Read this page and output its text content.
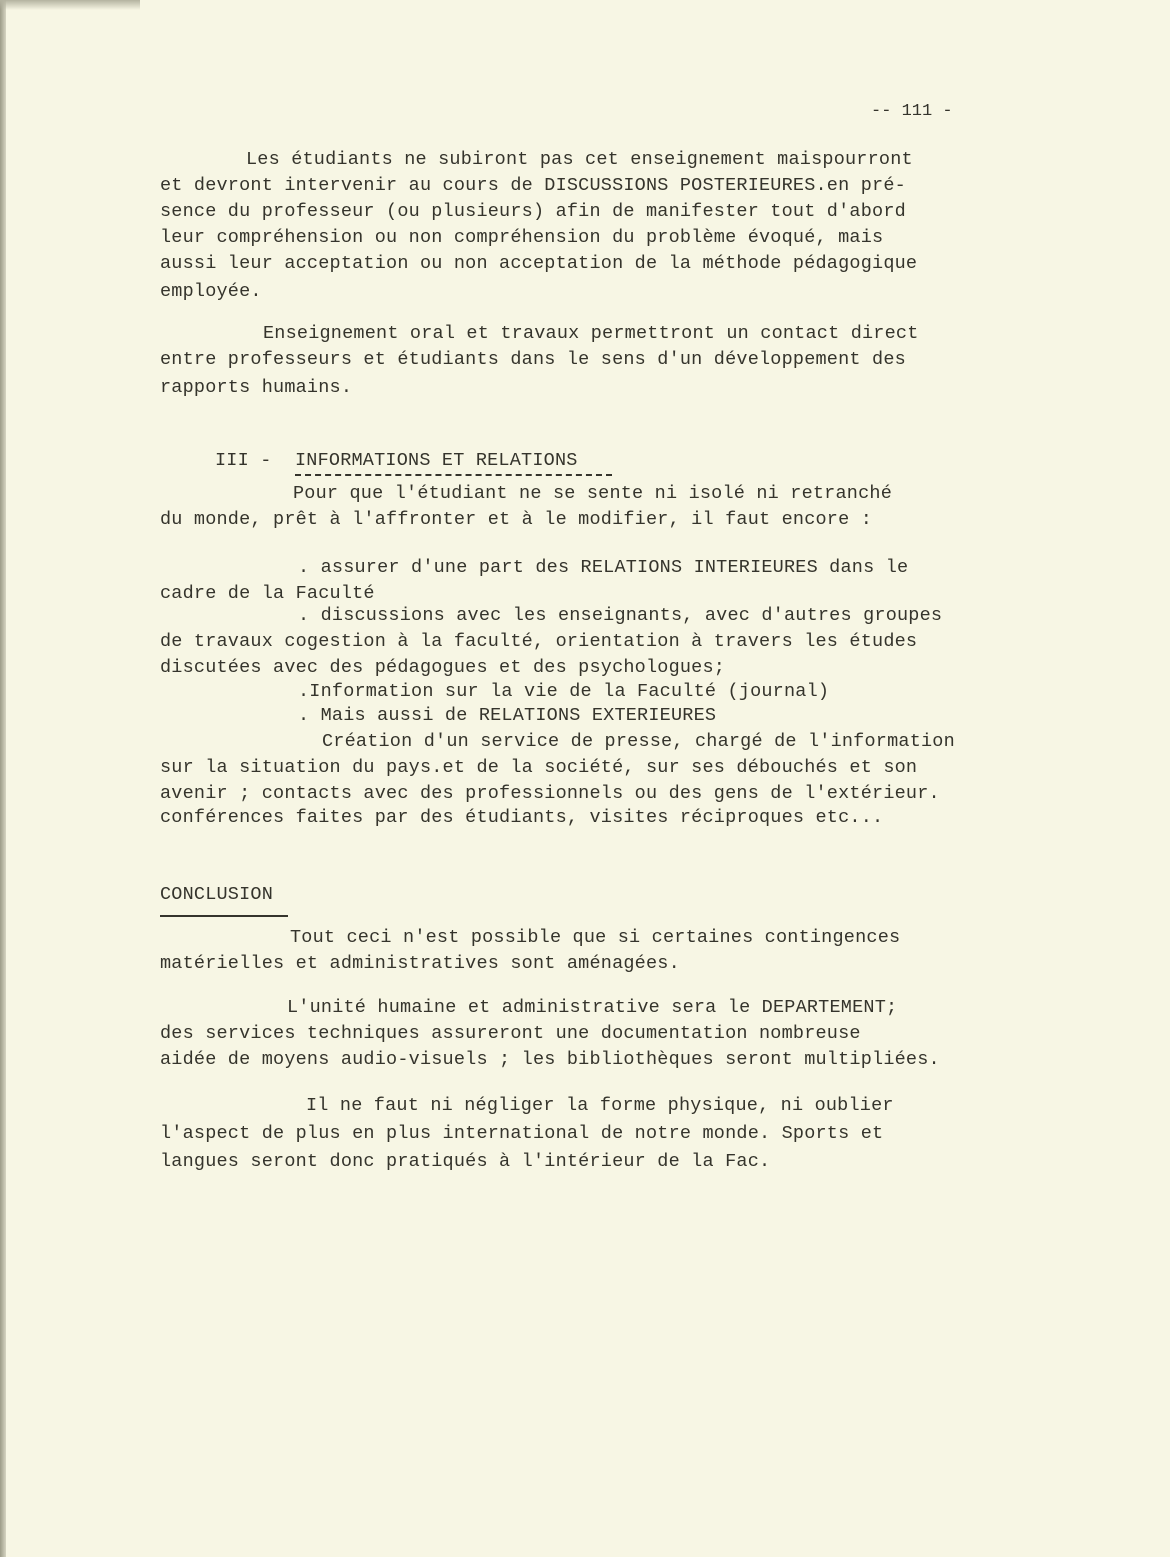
-- 111 -
Les étudiants ne subiront pas cet enseignement maispourront
et devront intervenir au cours de DISCUSSIONS POSTERIEURES.en pré-
sence du professeur (ou plusieurs) afin de manifester tout d'abord
leur compréhension ou non compréhension du problème évoqué, mais
aussi leur acceptation ou non acceptation de la méthode pédagogique
employée.
Enseignement oral et travaux permettront un contact direct
entre professeurs et étudiants dans le sens d'un développement des
rapports humains.
III - INFORMATIONS ET RELATIONS
Pour que l'étudiant ne se sente ni isolé ni retranché
du monde, prêt à l'affronter et à le modifier, il faut encore :
. assurer d'une part des RELATIONS INTERIEURES dans le
cadre de la Faculté
. discussions avec les enseignants, avec d'autres groupes
de travaux cogestion à la faculté, orientation à travers les études
discutées avec des pédagogues et des psychologues;
.Information sur la vie de la Faculté (journal)
. Mais aussi de RELATIONS EXTERIEURES
Création d'un service de presse, chargé de l'information
sur la situation du pays.et de la société, sur ses débouchés et son
avenir ; contacts avec des professionnels ou des gens de l'extérieur.
conférences faites par des étudiants, visites réciproques etc...
CONCLUSION
Tout ceci n'est possible que si certaines contingences
matérielles et administratives sont aménagées.
L'unité humaine et administrative sera le DEPARTEMENT;
des services techniques assureront une documentation nombreuse
aidée de moyens audio-visuels ; les bibliothèques seront multipliées.
Il ne faut ni négliger la forme physique, ni oublier
l'aspect de plus en plus international de notre monde. Sports et
langues seront donc pratiqués à l'intérieur de la Fac.
